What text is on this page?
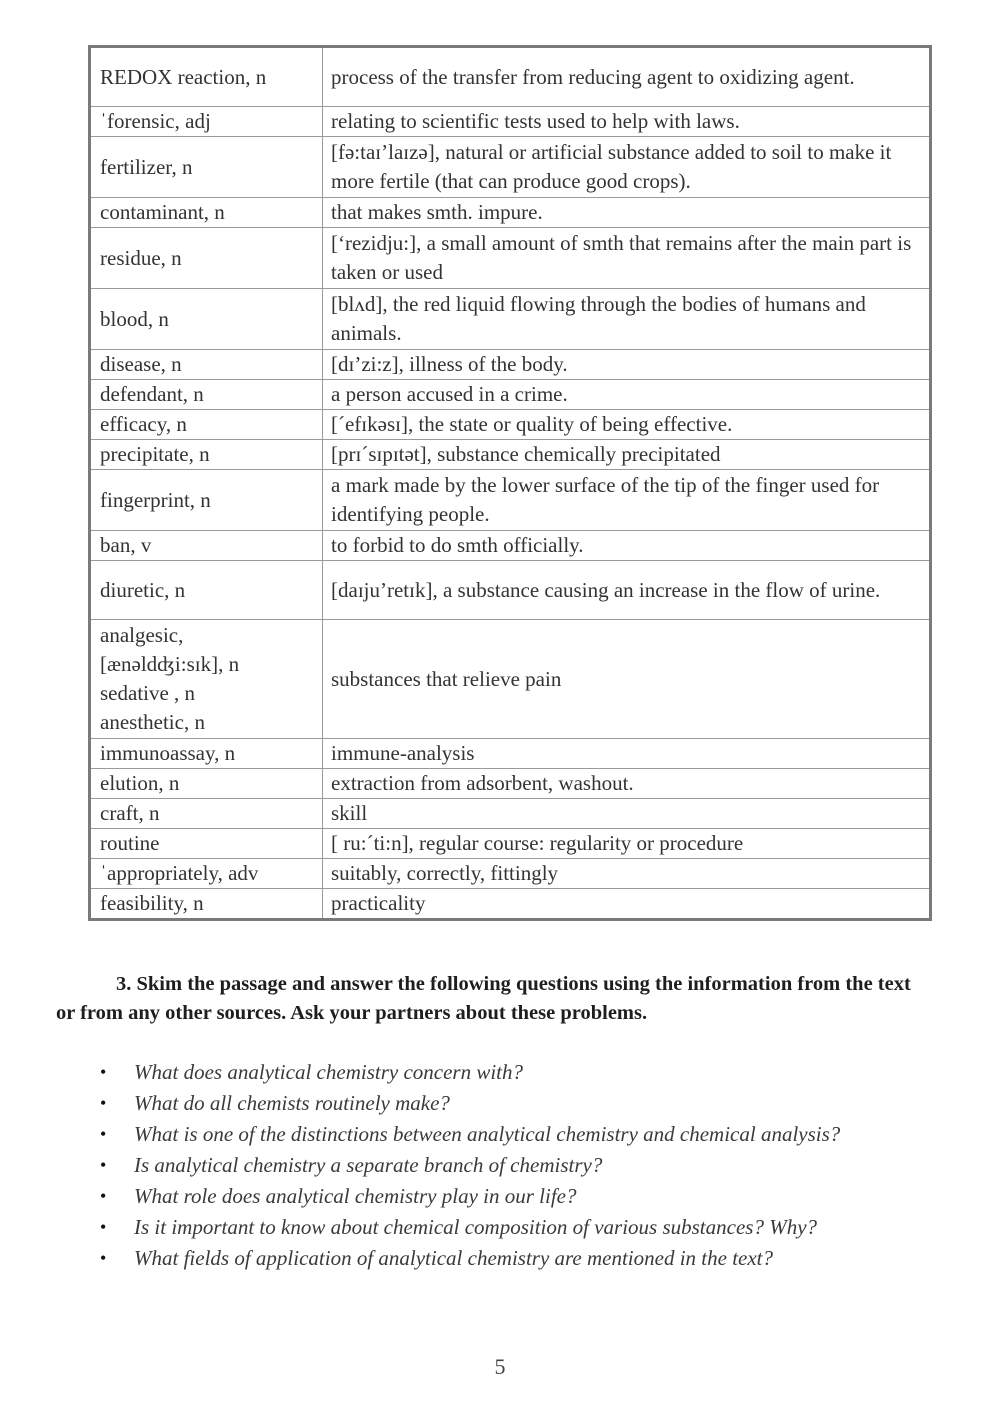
REDOX reaction, n	process of the transfer from reducing agent to oxidizing agent.

ˈforensic, adj	relating to scientific tests used to help with laws.

fertilizer, n	[fə:taɪ’laɪzə], natural or artificial substance added to soil to make it more fertile (that can produce good crops).

contaminant, n	that makes smth. impure.

residue, n	[‘rezidju:], a small amount of smth that remains after the main part is taken or used

blood, n	[blʌd], the red liquid flowing through the bodies of humans and animals.

disease, n	[dɪ’zi:z], illness of the body.

defendant, n	a person accused in a crime.

efficacy, n	[ˊefɪkəsɪ], the state or quality of being effective.

precipitate, n	[prɪˊsɪpɪtət], substance chemically precipitated

fingerprint, n	a mark made by the lower surface of the tip of the finger used for identifying people.

ban, v	to forbid to do smth officially.

diuretic, n	[daɪju’retɪk], a substance causing an increase in the flow of urine.

analgesic,
[ænəldʤi:sɪk], n
sedative , n
anesthetic, n	substances that relieve pain

immunoassay, n	immune-analysis

elution, n	extraction from adsorbent, washout.

craft, n	skill

routine	[ ru:ˊti:n], regular course: regularity or procedure

ˈappropriately, adv	suitably, correctly, fittingly

feasibility, n	practicality

3. Skim the passage and answer the following questions using the information from the text or from any other sources. Ask your partners about these problems.

• What does analytical chemistry concern with?
• What do all chemists routinely make?
• What is one of the distinctions between analytical chemistry and chemical analysis?
• Is analytical chemistry a separate branch of chemistry?
• What role does analytical chemistry play in our life?
• Is it important to know about chemical composition of various substances? Why?
• What fields of application of analytical chemistry are mentioned in the text?
5
